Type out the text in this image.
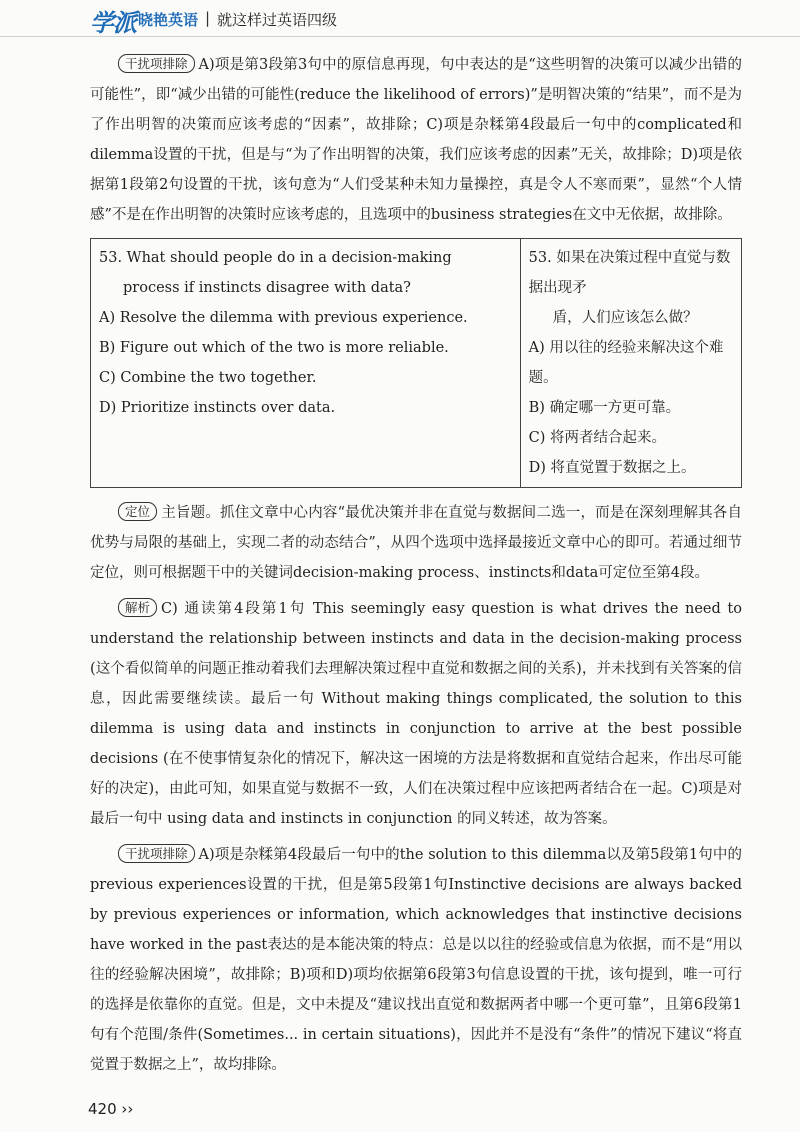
学派 晓艳英语 | 就这样过英语四级

干扰项排除 A)项是第3段第3句中的原信息再现，句中表达的是“这些明智的决策可以减少出错的可能性”，即“减少出错的可能性(reduce the likelihood of errors)”是明智决策的“结果”，而不是为了作出明智的决策而应该考虑的“因素”，故排除；C)项是杂糅第4段最后一句中的complicated和dilemma设置的干扰，但是与“为了作出明智的决策，我们应该考虑的因素”无关，故排除；D)项是依据第1段第2句设置的干扰，该句意为“人们受某种未知力量操控，真是令人不寒而栗”，显然“个人情感”不是在作出明智的决策时应该考虑的，且选项中的business strategies在文中无依据，故排除。

53. What should people do in a decision-making
process if instincts disagree with data?
A) Resolve the dilemma with previous experience.
B) Figure out which of the two is more reliable.
C) Combine the two together.
D) Prioritize instincts over data.

53. 如果在决策过程中直觉与数据出现矛
盾，人们应该怎么做？
A) 用以往的经验来解决这个难题。
B) 确定哪一方更可靠。
C) 将两者结合起来。
D) 将直觉置于数据之上。

定位 主旨题。抓住文章中心内容“最优决策并非在直觉与数据间二选一，而是在深刻理解其各自优势与局限的基础上，实现二者的动态结合”，从四个选项中选择最接近文章中心的即可。若通过细节定位，则可根据题干中的关键词decision-making process、instincts和data可定位至第4段。

解析 C) 通读第4段第1句 This seemingly easy question is what drives the need to understand the relationship between instincts and data in the decision-making process (这个看似简单的问题正推动着我们去理解决策过程中直觉和数据之间的关系)，并未找到有关答案的信息，因此需要继续读。最后一句 Without making things complicated, the solution to this dilemma is using data and instincts in conjunction to arrive at the best possible decisions (在不使事情复杂化的情况下，解决这一困境的方法是将数据和直觉结合起来，作出尽可能好的决定)，由此可知，如果直觉与数据不一致，人们在决策过程中应该把两者结合在一起。C)项是对最后一句中 using data and instincts in conjunction 的同义转述，故为答案。

干扰项排除 A)项是杂糅第4段最后一句中的the solution to this dilemma以及第5段第1句中的previous experiences设置的干扰，但是第5段第1句Instinctive decisions are always backed by previous experiences or information, which acknowledges that instinctive decisions have worked in the past表达的是本能决策的特点：总是以以往的经验或信息为依据，而不是“用以往的经验解决困境”，故排除；B)项和D)项均依据第6段第3句信息设置的干扰，该句提到，唯一可行的选择是依靠你的直觉。但是，文中未提及“建议找出直觉和数据两者中哪一个更可靠”，且第6段第1句有个范围/条件(Sometimes... in certain situations)，因此并不是没有“条件”的情况下建议“将直觉置于数据之上”，故均排除。

420 ››
